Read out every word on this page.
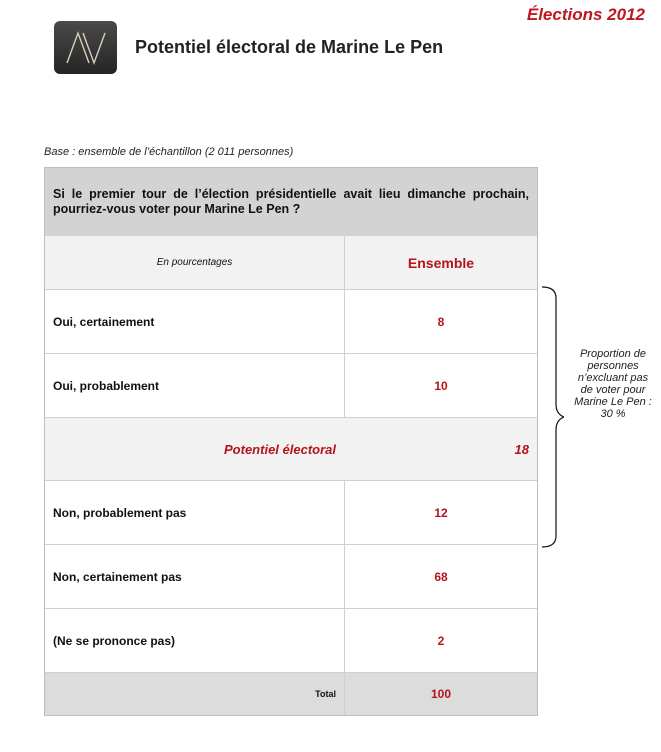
Élections 2012
Potentiel électoral de Marine Le Pen
Base : ensemble de l’échantillon (2 011 personnes)
Si le premier tour de l’élection présidentielle avait lieu dimanche prochain, pourriez-vous voter pour Marine Le Pen ?
En pourcentages	Ensemble
Oui, certainement	8
Oui, probablement	10
Potentiel électoral	18
Non, probablement pas	12
Non, certainement pas	68
(Ne se prononce pas)	2
Total	100
Proportion de personnes n’excluant pas de voter pour Marine Le Pen : 30 %
